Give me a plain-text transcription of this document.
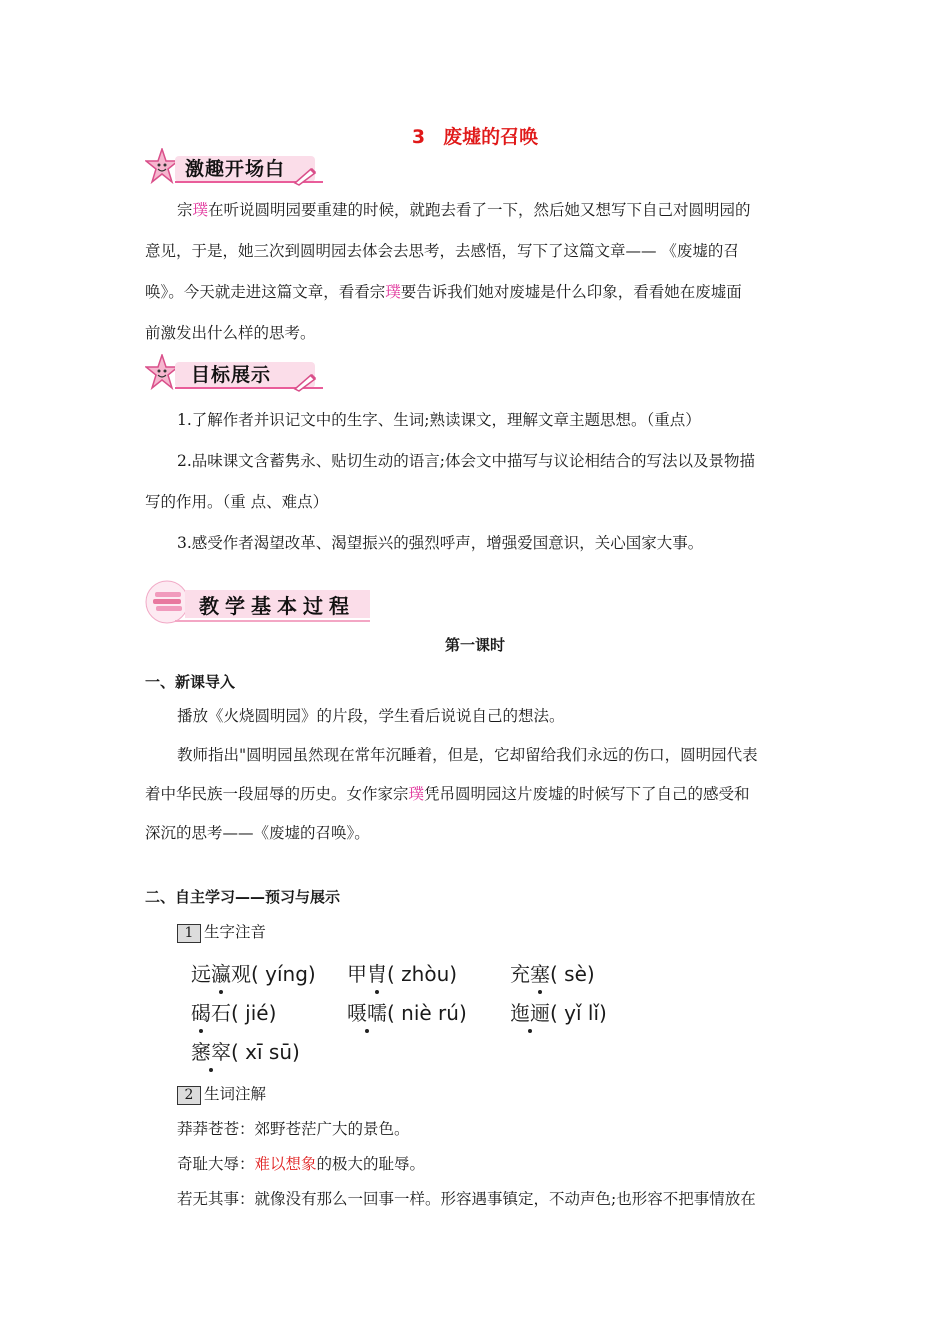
3 废墟的召唤
激趣开场白
宗璞在听说圆明园要重建的时候，就跑去看了一下，然后她又想写下自己对圆明园的
意见，于是，她三次到圆明园去体会去思考，去感悟，写下了这篇文章—— 《废墟的召
唤》。今天就走进这篇文章，看看宗璞要告诉我们她对废墟是什么印象，看看她在废墟面
前激发出什么样的思考。
目标展示
1.了解作者并识记文中的生字、生词;熟读课文，理解文章主题思想。（重点）
2.品味课文含蓄隽永、贴切生动的语言;体会文中描写与议论相结合的写法以及景物描
写的作用。（重 点、难点）
3.感受作者渴望改革、渴望振兴的强烈呼声，增强爱国意识，关心国家大事。
教学基本过程
第一课时
一、新课导入
播放《火烧圆明园》的片段，学生看后说说自己的想法。
教师指出"圆明园虽然现在常年沉睡着，但是，它却留给我们永远的伤口，圆明园代表
着中华民族一段屈辱的历史。女作家宗璞凭吊圆明园这片废墟的时候写下了自己的感受和
深沉的思考——《废墟的召唤》。
二、自主学习——预习与展示
1 生字注音
远瀛观( yíng) 甲胄( zhòu)	充塞( sè)
碣石( jié)	嗫嚅( niè rú) 迤逦( yǐ lǐ)
窸窣( xī sū)
2 生词注解
莽莽苍苍：郊野苍茫广大的景色。
奇耻大辱：难以想象的极大的耻辱。
若无其事：就像没有那么一回事一样。形容遇事镇定，不动声色;也形容不把事情放在
